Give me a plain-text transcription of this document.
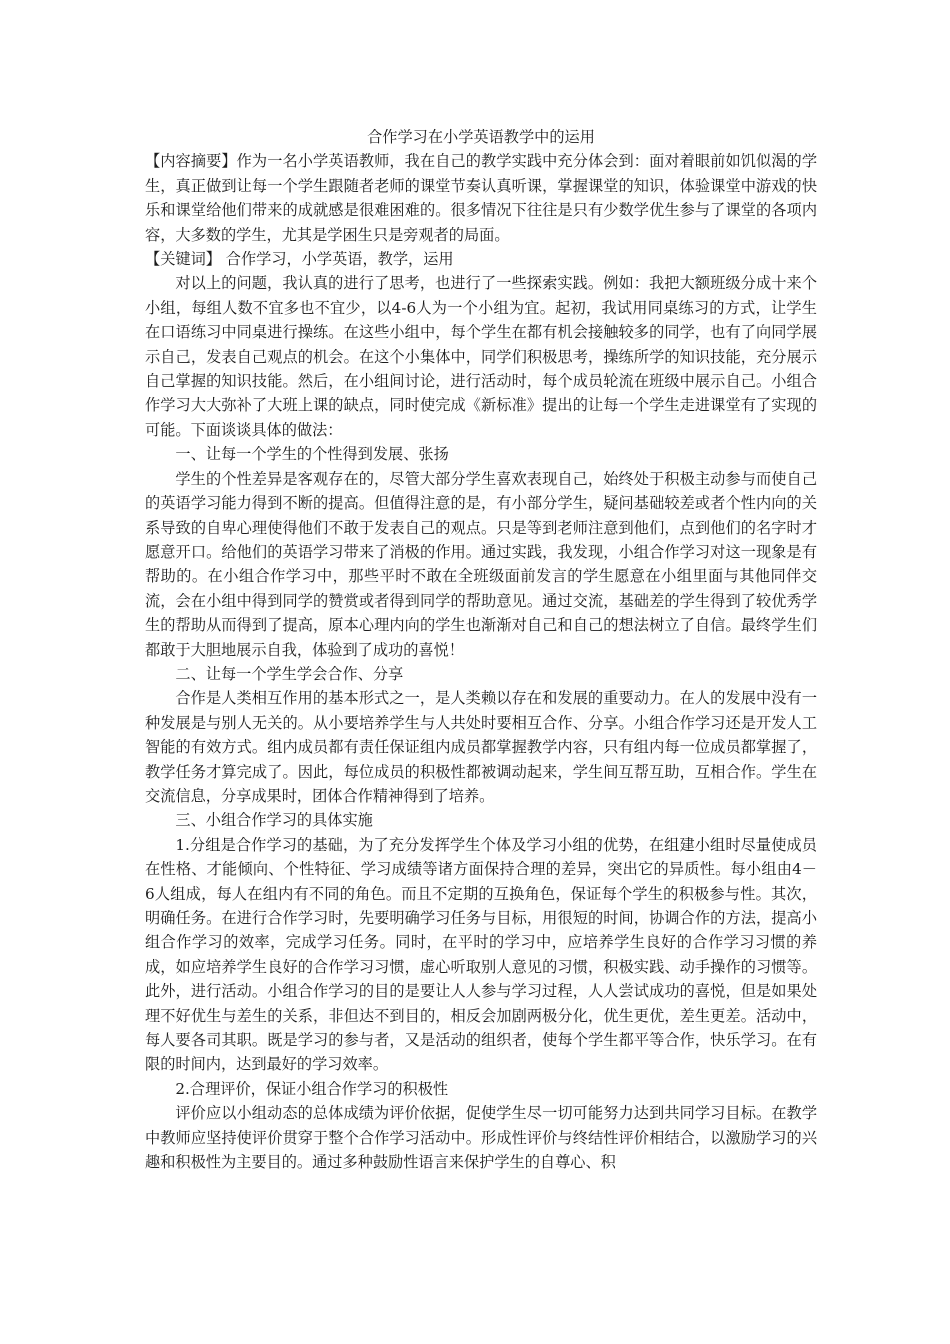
合作学习在小学英语教学中的运用

【内容摘要】作为一名小学英语教师，我在自己的教学实践中充分体会到：面对着眼前如饥似渴的学生，真正做到让每一个学生跟随者老师的课堂节奏认真听课，掌握课堂的知识，体验课堂中游戏的快乐和课堂给他们带来的成就感是很难困难的。很多情况下往往是只有少数学优生参与了课堂的各项内容，大多数的学生，尤其是学困生只是旁观者的局面。

【关键词】 合作学习，小学英语，教学，运用

对以上的问题，我认真的进行了思考，也进行了一些探索实践。例如：我把大额班级分成十来个小组，每组人数不宜多也不宜少，以4-6人为一个小组为宜。起初，我试用同桌练习的方式，让学生在口语练习中同桌进行操练。在这些小组中，每个学生在都有机会接触较多的同学，也有了向同学展示自己，发表自己观点的机会。在这个小集体中，同学们积极思考，操练所学的知识技能，充分展示自己掌握的知识技能。然后，在小组间讨论，进行活动时，每个成员轮流在班级中展示自己。小组合作学习大大弥补了大班上课的缺点，同时使完成《新标准》提出的让每一个学生走进课堂有了实现的可能。下面谈谈具体的做法：

一、让每一个学生的个性得到发展、张扬

学生的个性差异是客观存在的，尽管大部分学生喜欢表现自己，始终处于积极主动参与而使自己的英语学习能力得到不断的提高。但值得注意的是，有小部分学生，疑问基础较差或者个性内向的关系导致的自卑心理使得他们不敢于发表自己的观点。只是等到老师注意到他们，点到他们的名字时才愿意开口。给他们的英语学习带来了消极的作用。通过实践，我发现，小组合作学习对这一现象是有帮助的。在小组合作学习中，那些平时不敢在全班级面前发言的学生愿意在小组里面与其他同伴交流，会在小组中得到同学的赞赏或者得到同学的帮助意见。通过交流，基础差的学生得到了较优秀学生的帮助从而得到了提高，原本心理内向的学生也渐渐对自己和自己的想法树立了自信。最终学生们都敢于大胆地展示自我，体验到了成功的喜悦！

二、让每一个学生学会合作、分享

合作是人类相互作用的基本形式之一，是人类赖以存在和发展的重要动力。在人的发展中没有一种发展是与别人无关的。从小要培养学生与人共处时要相互合作、分享。小组合作学习还是开发人工智能的有效方式。组内成员都有责任保证组内成员都掌握教学内容，只有组内每一位成员都掌握了，教学任务才算完成了。因此，每位成员的积极性都被调动起来，学生间互帮互助，互相合作。学生在交流信息，分享成果时，团体合作精神得到了培养。

三、小组合作学习的具体实施

1.分组是合作学习的基础，为了充分发挥学生个体及学习小组的优势，在组建小组时尽量使成员在性格、才能倾向、个性特征、学习成绩等诸方面保持合理的差异，突出它的异质性。每小组由4－6人组成，每人在组内有不同的角色。而且不定期的互换角色，保证每个学生的积极参与性。其次，明确任务。在进行合作学习时，先要明确学习任务与目标，用很短的时间，协调合作的方法，提高小组合作学习的效率，完成学习任务。同时，在平时的学习中，应培养学生良好的合作学习习惯的养成，如应培养学生良好的合作学习习惯，虚心听取别人意见的习惯，积极实践、动手操作的习惯等。此外，进行活动。小组合作学习的目的是要让人人参与学习过程，人人尝试成功的喜悦，但是如果处理不好优生与差生的关系，非但达不到目的，相反会加剧两极分化，优生更优，差生更差。活动中，每人要各司其职。既是学习的参与者，又是活动的组织者，使每个学生都平等合作，快乐学习。在有限的时间内，达到最好的学习效率。

2.合理评价，保证小组合作学习的积极性

评价应以小组动态的总体成绩为评价依据，促使学生尽一切可能努力达到共同学习目标。在教学中教师应坚持使评价贯穿于整个合作学习活动中。形成性评价与终结性评价相结合，以激励学习的兴趣和积极性为主要目的。通过多种鼓励性语言来保护学生的自尊心、积
